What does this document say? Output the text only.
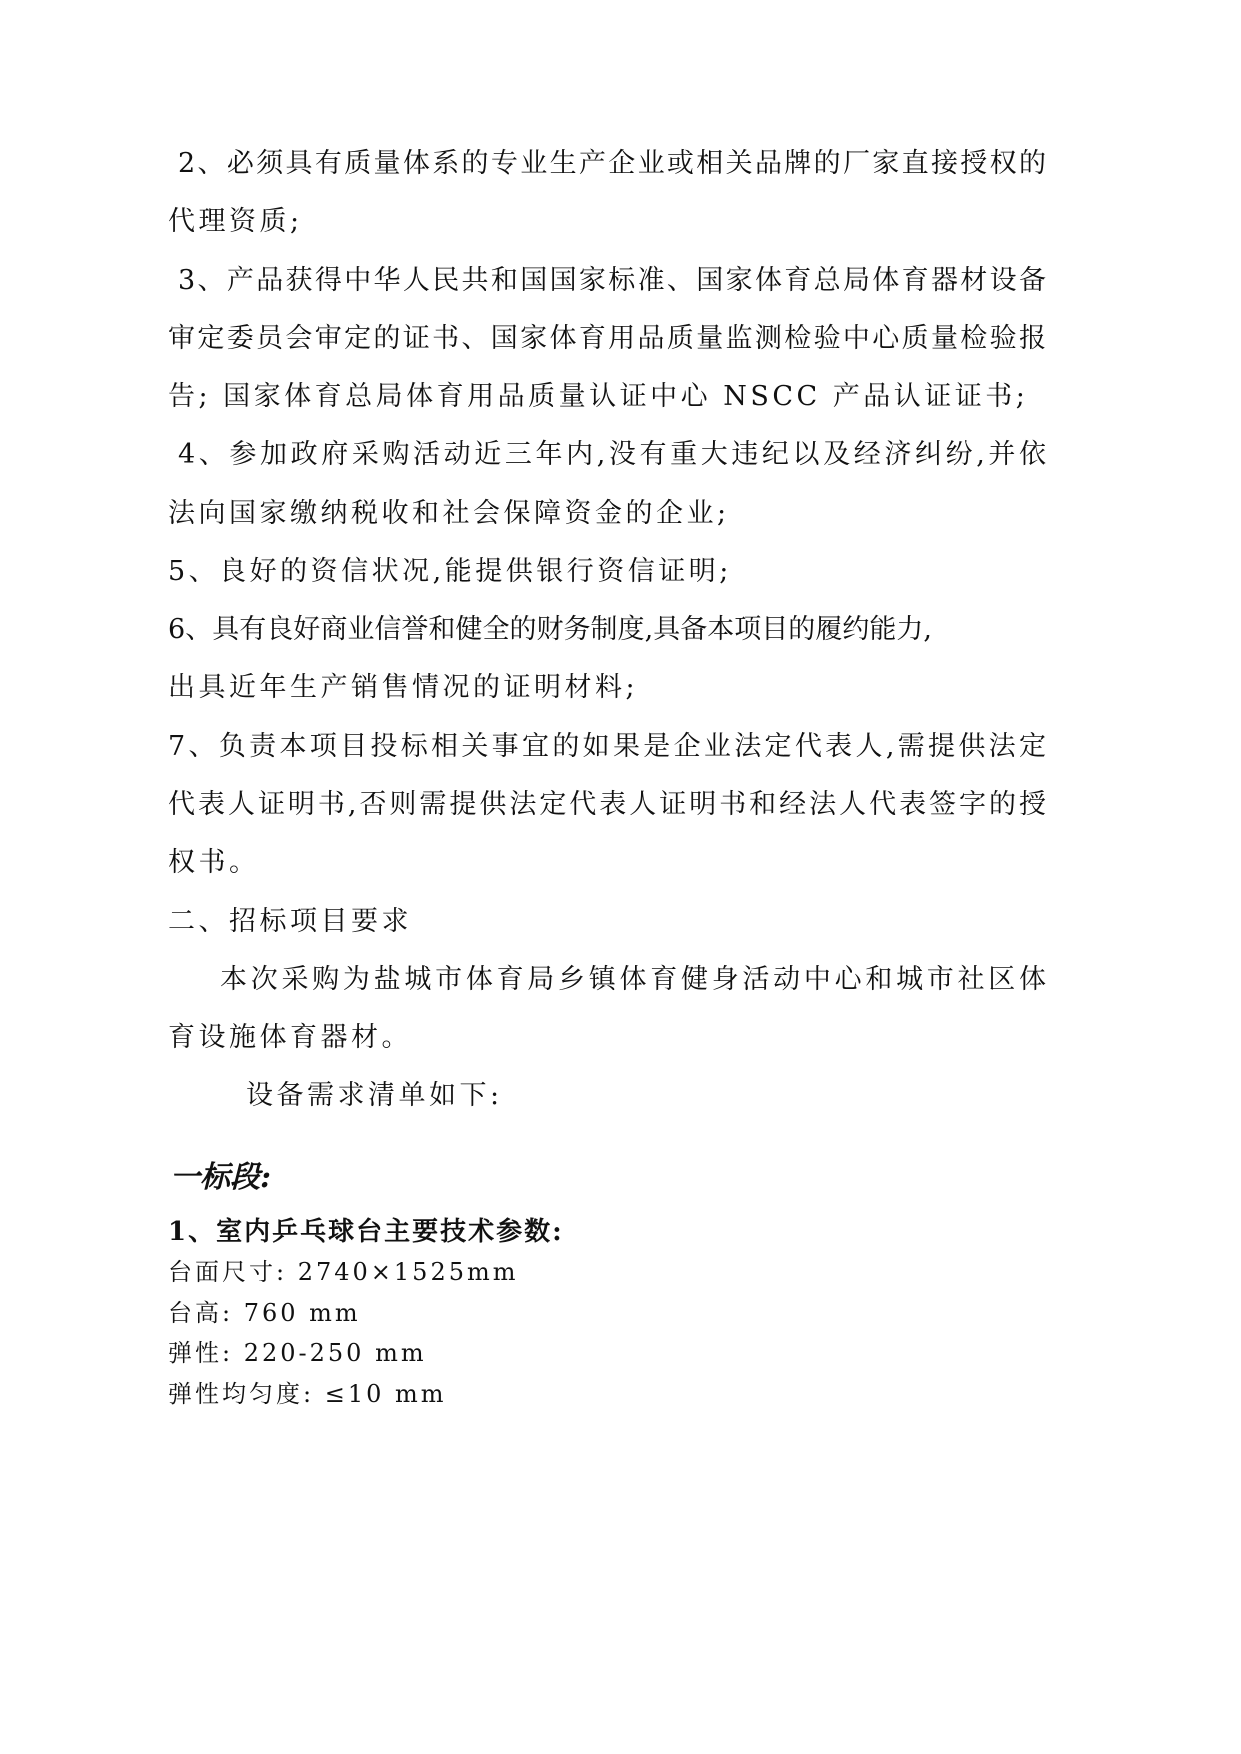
2、必须具有质量体系的专业生产企业或相关品牌的厂家直接授权的
代理资质;
3、产品获得中华人民共和国国家标准、国家体育总局体育器材设备
审定委员会审定的证书、国家体育用品质量监测检验中心质量检验报
告; 国家体育总局体育用品质量认证中心 NSCC 产品认证证书;
4、参加政府采购活动近三年内,没有重大违纪以及经济纠纷,并依
法向国家缴纳税收和社会保障资金的企业;
5、良好的资信状况,能提供银行资信证明;
6、具有良好商业信誉和健全的财务制度,具备本项目的履约能力,
出具近年生产销售情况的证明材料;
7、负责本项目投标相关事宜的如果是企业法定代表人,需提供法定
代表人证明书,否则需提供法定代表人证明书和经法人代表签字的授
权书。
二、招标项目要求
本次采购为盐城市体育局乡镇体育健身活动中心和城市社区体
育设施体育器材。
设备需求清单如下:
一标段:
1、室内乒乓球台主要技术参数:
台面尺寸: 2740×1525mm
台高: 760 mm
弹性: 220-250 mm
弹性均匀度: ≤10 mm
